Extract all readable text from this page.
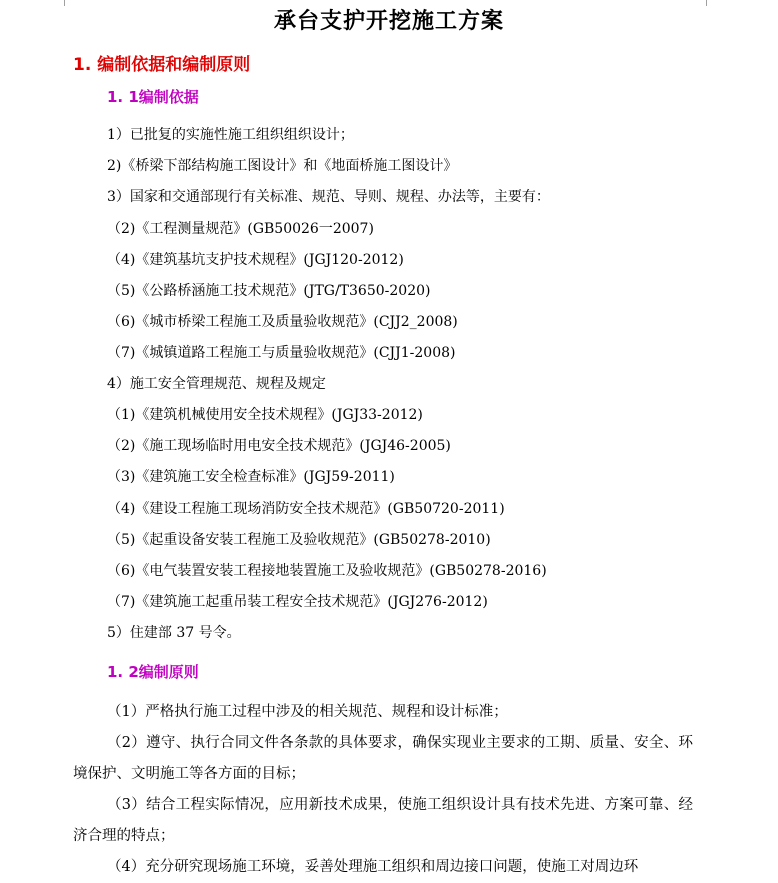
承台支护开挖施工方案
1. 编制依据和编制原则
1. 1编制依据
1）已批复的实施性施工组织组织设计；
2)《桥梁下部结构施工图设计》和《地面桥施工图设计》
3）国家和交通部现行有关标准、规范、导则、规程、办法等，主要有：
（2)《工程测量规范》(GB50026一2007)
（4)《建筑基坑支护技术规程》(JGJ120-2012)
（5)《公路桥涵施工技术规范》(JTG/T3650-2020)
（6)《城市桥梁工程施工及质量验收规范》(CJJ2_2008)
（7)《城镇道路工程施工与质量验收规范》(CJJ1-2008)
4）施工安全管理规范、规程及规定
（1)《建筑机械使用安全技术规程》(JGJ33-2012)
（2)《施工现场临时用电安全技术规范》(JGJ46-2005)
（3)《建筑施工安全检查标准》(JGJ59-2011)
（4)《建设工程施工现场消防安全技术规范》(GB50720-2011)
（5)《起重设备安装工程施工及验收规范》(GB50278-2010)
（6)《电气装置安装工程接地装置施工及验收规范》(GB50278-2016)
（7)《建筑施工起重吊装工程安全技术规范》(JGJ276-2012)
5）住建部 37 号令。
1. 2编制原则
（1）严格执行施工过程中涉及的相关规范、规程和设计标准；
（2）遵守、执行合同文件各条款的具体要求，确保实现业主要求的工期、质量、安全、环境保护、文明施工等各方面的目标；
（3）结合工程实际情况，应用新技术成果，使施工组织设计具有技术先进、方案可靠、经济合理的特点；
（4）充分研究现场施工环境，妥善处理施工组织和周边接口问题，使施工对周边环
